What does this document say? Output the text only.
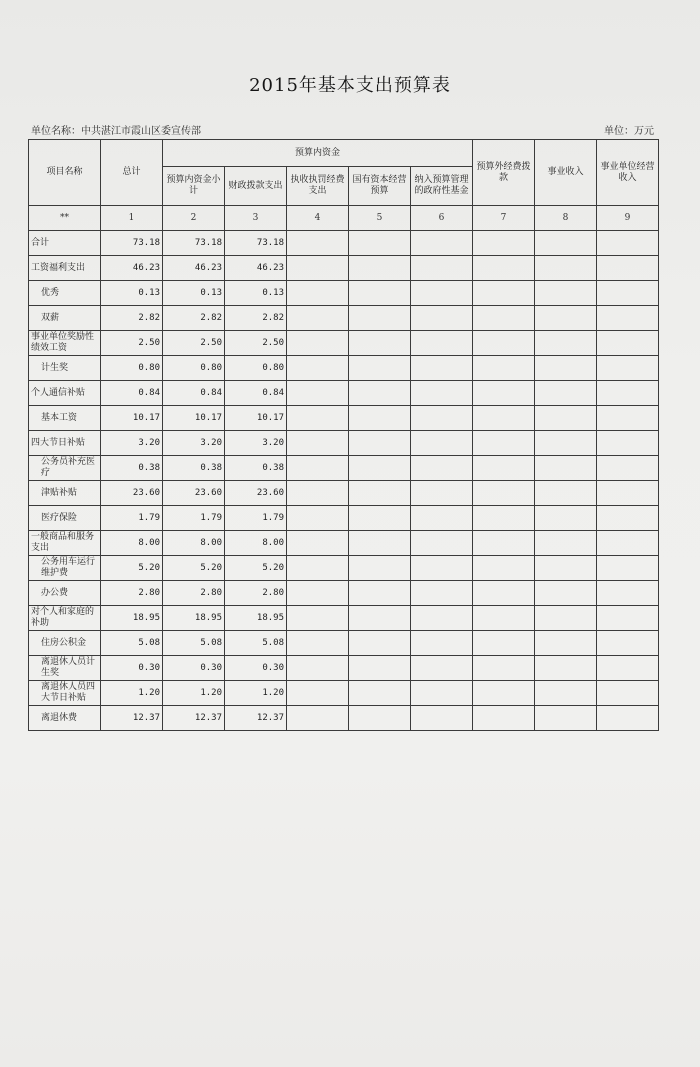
2015年基本支出预算表
单位名称：中共湛江市霞山区委宣传部	单位：万元
项目名称	总计	预算内资金					预算外经费拨款	事业收入	事业单位经营收入
		预算内资金小计	财政拨款支出	执收执罚经费支出	国有资本经营预算	纳入预算管理的政府性基金			
**	1	2	3	4	5	6	7	8	9
合计	73.18	73.18	73.18						
工资福利支出	46.23	46.23	46.23						
优秀	0.13	0.13	0.13						
双薪	2.82	2.82	2.82						
事业单位奖励性绩效工资	2.50	2.50	2.50						
计生奖	0.80	0.80	0.80						
个人通信补贴	0.84	0.84	0.84						
基本工资	10.17	10.17	10.17						
四大节日补贴	3.20	3.20	3.20						
公务员补充医疗	0.38	0.38	0.38						
津贴补贴	23.60	23.60	23.60						
医疗保险	1.79	1.79	1.79						
一般商品和服务支出	8.00	8.00	8.00						
公务用车运行维护费	5.20	5.20	5.20						
办公费	2.80	2.80	2.80						
对个人和家庭的补助	18.95	18.95	18.95						
住房公积金	5.08	5.08	5.08						
离退休人员计生奖	0.30	0.30	0.30						
离退休人员四大节日补贴	1.20	1.20	1.20						
离退休费	12.37	12.37	12.37						
